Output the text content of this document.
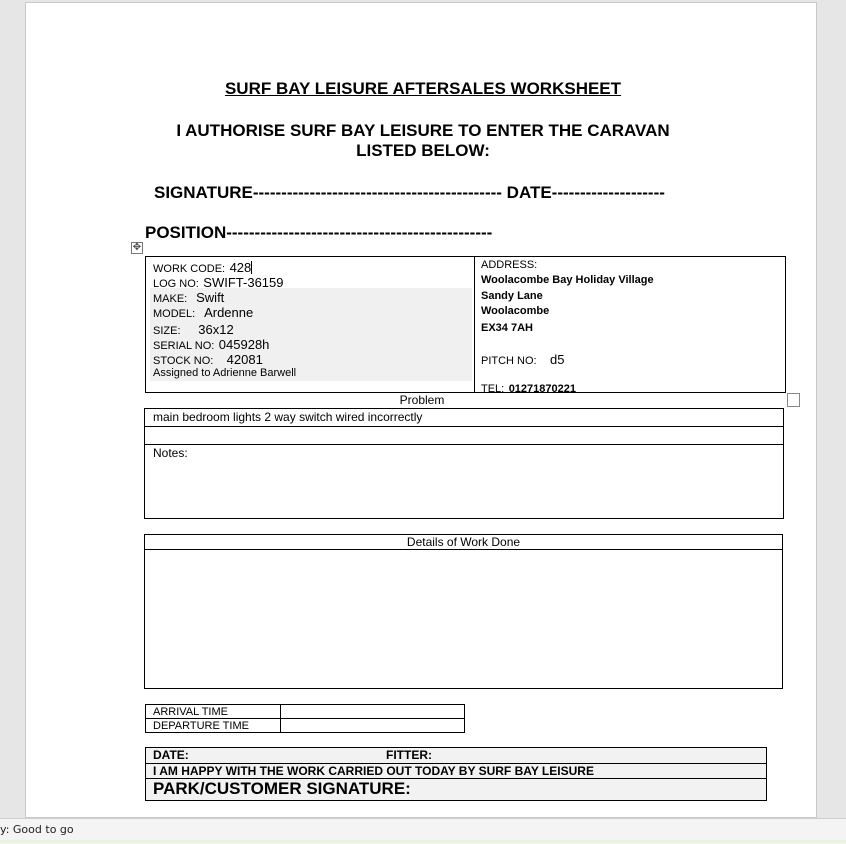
SURF BAY LEISURE AFTERSALES WORKSHEET
I AUTHORISE SURF BAY LEISURE TO ENTER THE CARAVAN
LISTED BELOW:
SIGNATURE-------------------------------------------- DATE--------------------
POSITION-----------------------------------------------
✥
WORK CODE: 428
LOG NO: SWIFT-36159
MAKE: Swift
MODEL: Ardenne
SIZE: 36x12
SERIAL NO: 045928h
STOCK NO: 42081
Assigned to Adrienne Barwell
ADDRESS:
Woolacombe Bay Holiday Village
Sandy Lane
Woolacombe
EX34 7AH
PITCH NO: d5
TEL: 01271870221
Problem
main bedroom lights 2 way switch wired incorrectly
Notes:
Details of Work Done
ARRIVAL TIME
DEPARTURE TIME
DATE:	FITTER:
I AM HAPPY WITH THE WORK CARRIED OUT TODAY BY SURF BAY LEISURE
PARK/CUSTOMER SIGNATURE:
y: Good to go
